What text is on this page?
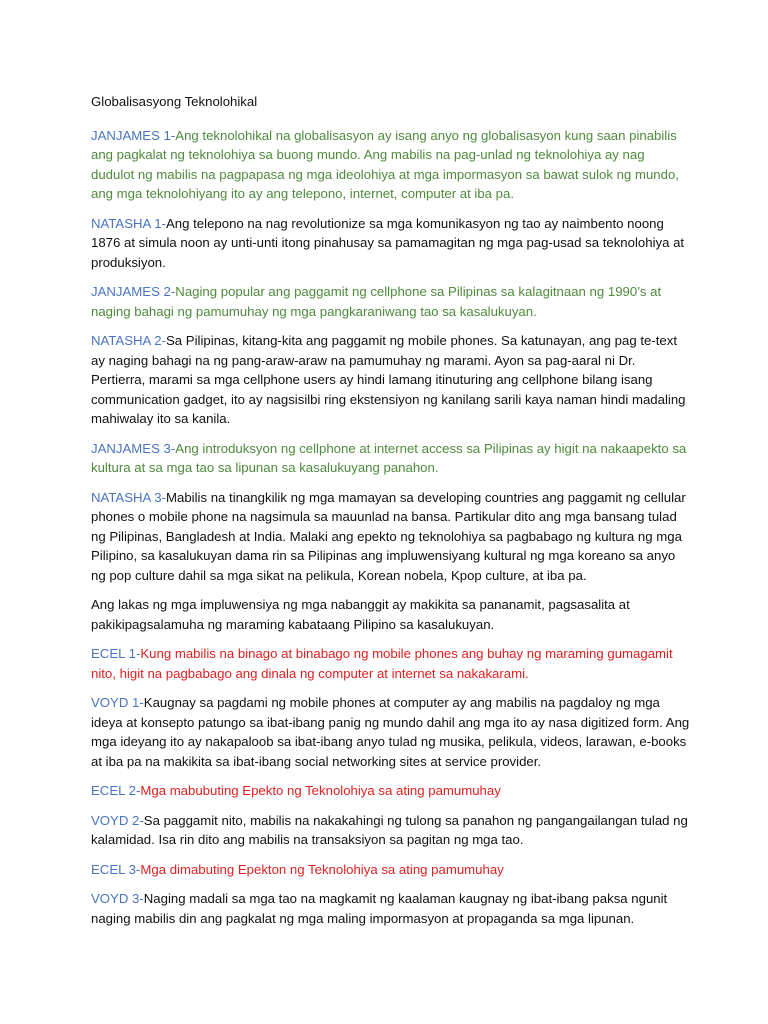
Globalisasyong Teknolohikal
JANJAMES 1-Ang teknolohikal na globalisasyon ay isang anyo ng globalisasyon kung saan pinabilis ang pagkalat ng teknolohiya sa buong mundo. Ang mabilis na pag-unlad ng teknolohiya ay nag dudulot ng mabilis na pagpapasa ng mga ideolohiya at mga impormasyon sa bawat sulok ng mundo, ang mga teknolohiyang ito ay ang telepono, internet, computer at iba pa.
NATASHA 1-Ang telepono na nag revolutionize sa mga komunikasyon ng tao ay naimbento noong 1876 at simula noon ay unti-unti itong pinahusay sa pamamagitan ng mga pag-usad sa teknolohiya at produksiyon.
JANJAMES 2-Naging popular ang paggamit ng cellphone sa Pilipinas sa kalagitnaan ng 1990’s at naging bahagi ng pamumuhay ng mga pangkaraniwang tao sa kasalukuyan.
NATASHA 2-Sa Pilipinas, kitang-kita ang paggamit ng mobile phones. Sa katunayan, ang pag te-text ay naging bahagi na ng pang-araw-araw na pamumuhay ng marami. Ayon sa pag-aaral ni Dr. Pertierra, marami sa mga cellphone users ay hindi lamang itinuturing ang cellphone bilang isang communication gadget, ito ay nagsisilbi ring ekstensiyon ng kanilang sarili kaya naman hindi madaling mahiwalay ito sa kanila.
JANJAMES 3-Ang introduksyon ng cellphone at internet access sa Pilipinas ay higit na nakaapekto sa kultura at sa mga tao sa lipunan sa kasalukuyang panahon.
NATASHA 3-Mabilis na tinangkilik ng mga mamayan sa developing countries ang paggamit ng cellular phones o mobile phone na nagsimula sa mauunlad na bansa. Partikular dito ang mga bansang tulad ng Pilipinas, Bangladesh at India. Malaki ang epekto ng teknolohiya sa pagbabago ng kultura ng mga Pilipino, sa kasalukuyan dama rin sa Pilipinas ang impluwensiyang kultural ng mga koreano sa anyo ng pop culture dahil sa mga sikat na pelikula, Korean nobela, Kpop culture, at iba pa.
Ang lakas ng mga impluwensiya ng mga nabanggit ay makikita sa pananamit, pagsasalita at pakikipagsalamuha ng maraming kabataang Pilipino sa kasalukuyan.
ECEL 1-Kung mabilis na binago at binabago ng mobile phones ang buhay ng maraming gumagamit nito, higit na pagbabago ang dinala ng computer at internet sa nakakarami.
VOYD 1-Kaugnay sa pagdami ng mobile phones at computer ay ang mabilis na pagdaloy ng mga ideya at konsepto patungo sa ibat-ibang panig ng mundo dahil ang mga ito ay nasa digitized form. Ang mga ideyang ito ay nakapaloob sa ibat-ibang anyo tulad ng musika, pelikula, videos, larawan, e-books at iba pa na makikita sa ibat-ibang social networking sites at service provider.
ECEL 2-Mga mabubuting Epekto ng Teknolohiya sa ating pamumuhay
VOYD 2-Sa paggamit nito, mabilis na nakakahingi ng tulong sa panahon ng pangangailangan tulad ng kalamidad. Isa rin dito ang mabilis na transaksiyon sa pagitan ng mga tao.
ECEL 3-Mga dimabuting Epekton ng Teknolohiya sa ating pamumuhay
VOYD 3-Naging madali sa mga tao na magkamit ng kaalaman kaugnay ng ibat-ibang paksa ngunit naging mabilis din ang pagkalat ng mga maling impormasyon at propaganda sa mga lipunan.
